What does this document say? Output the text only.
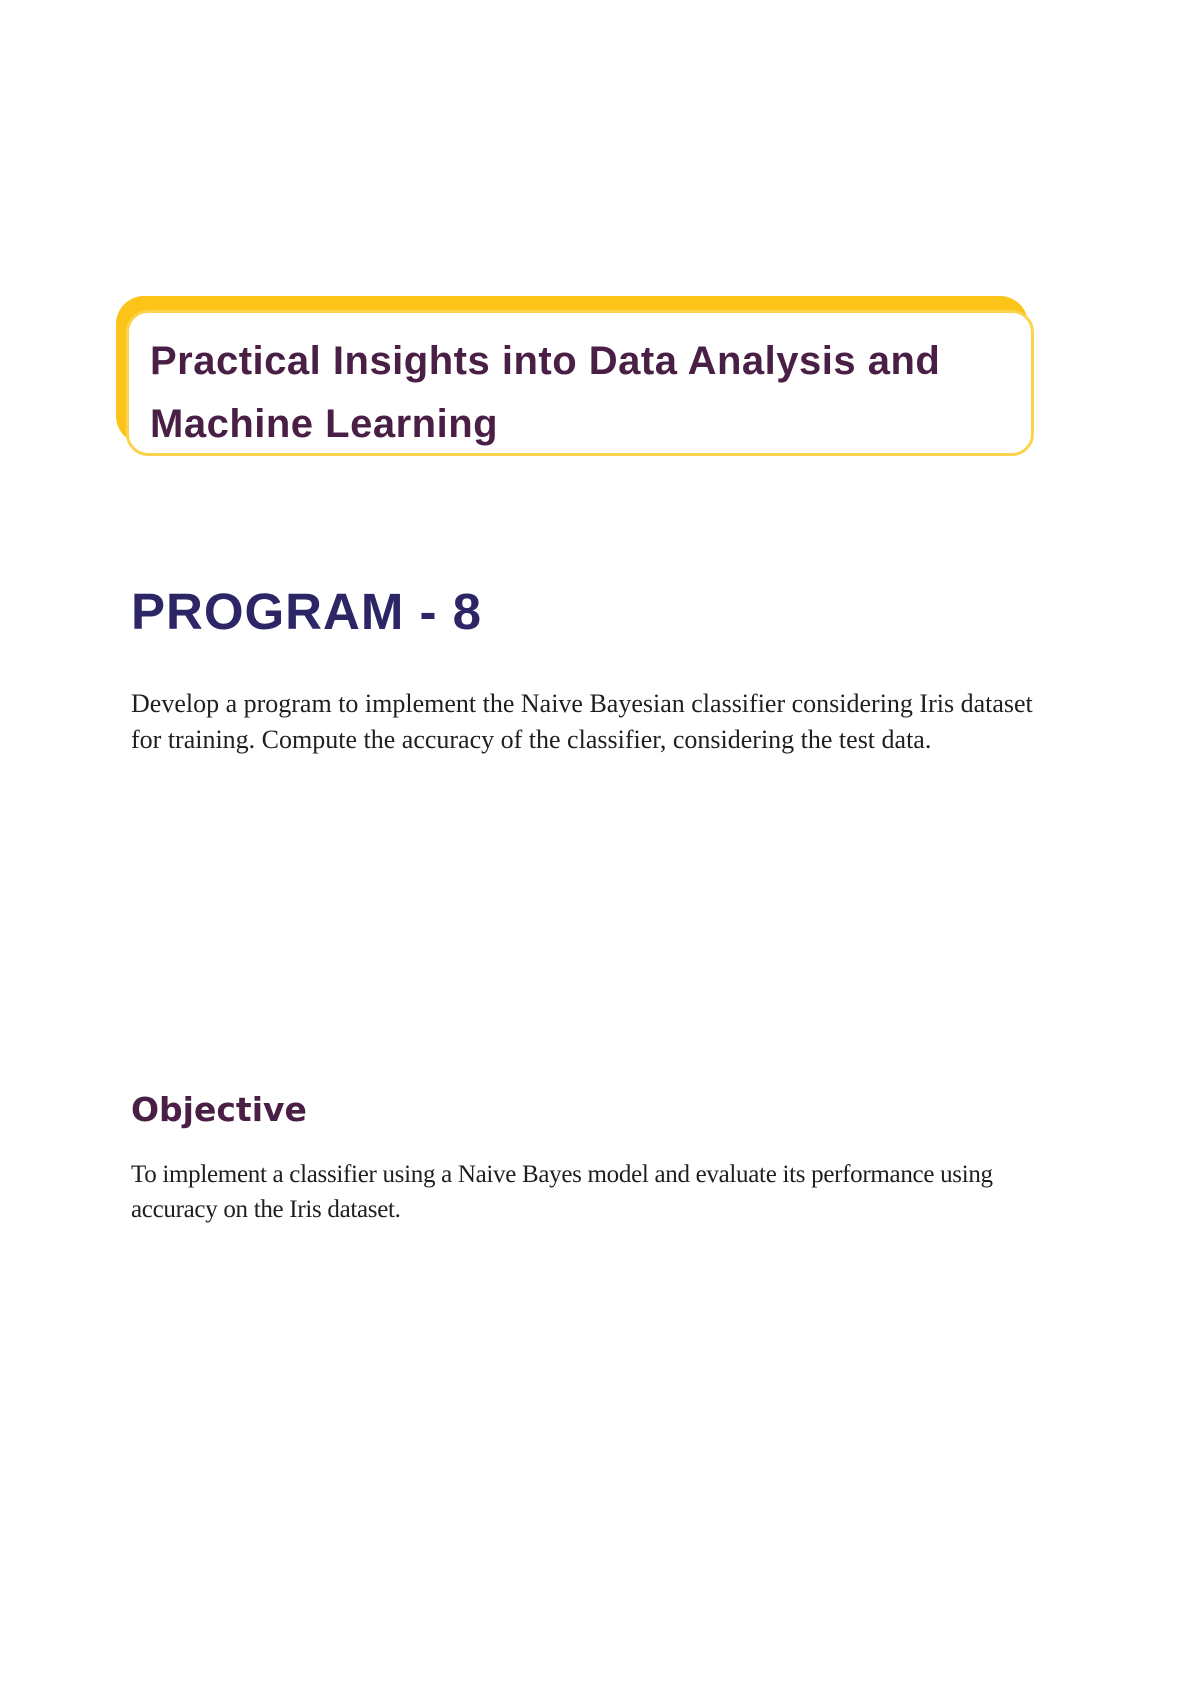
Practical Insights into Data Analysis and Machine Learning
PROGRAM - 8

Develop a program to implement the Naive Bayesian classifier considering Iris dataset for training. Compute the accuracy of the classifier, considering the test data.

Objective

To implement a classifier using a Naive Bayes model and evaluate its performance using accuracy on the Iris dataset.
